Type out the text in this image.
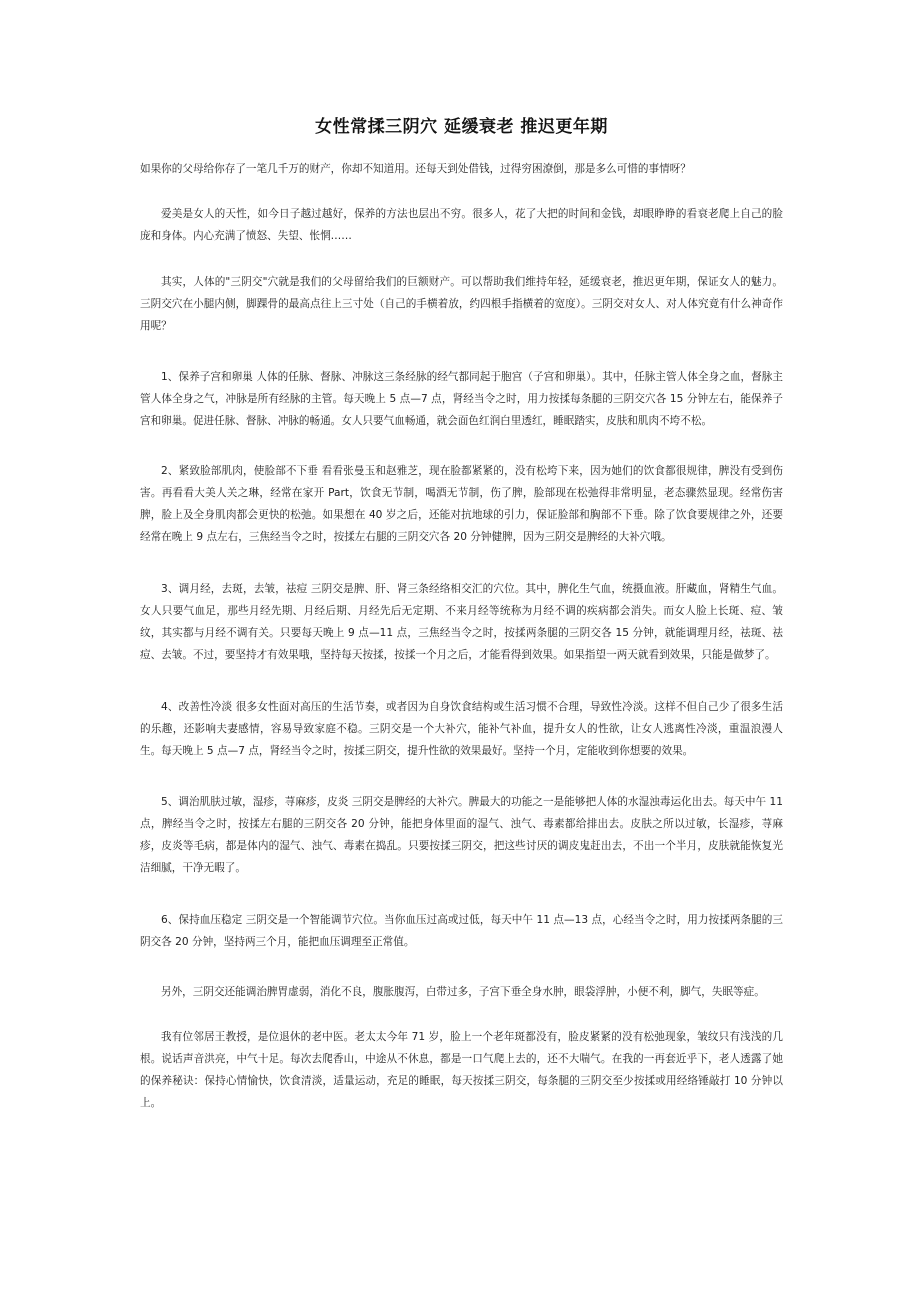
女性常揉三阴穴 延缓衰老 推迟更年期

如果你的父母给你存了一笔几千万的财产，你却不知道用。还每天到处借钱，过得穷困潦倒，那是多么可惜的事情呀？

爱美是女人的天性，如今日子越过越好，保养的方法也层出不穷。很多人，花了大把的时间和金钱，却眼睁睁的看衰老爬上自己的脸庞和身体。内心充满了愤怒、失望、怅惘……

其实，人体的"三阴交"穴就是我们的父母留给我们的巨额财产。可以帮助我们维持年轻，延缓衰老，推迟更年期，保证女人的魅力。三阴交穴在小腿内侧，脚踝骨的最高点往上三寸处（自己的手横着放，约四根手指横着的宽度）。三阴交对女人、对人体究竟有什么神奇作用呢？

1、保养子宫和卵巢 人体的任脉、督脉、冲脉这三条经脉的经气都同起于胞宫（子宫和卵巢）。其中，任脉主管人体全身之血，督脉主管人体全身之气，冲脉是所有经脉的主管。每天晚上 5 点—7 点，肾经当令之时，用力按揉每条腿的三阴交穴各 15 分钟左右，能保养子宫和卵巢。促进任脉、督脉、冲脉的畅通。女人只要气血畅通，就会面色红润白里透红，睡眠踏实，皮肤和肌肉不垮不松。

2、紧致脸部肌肉，使脸部不下垂 看看张曼玉和赵雅芝，现在脸都紧紧的，没有松垮下来，因为她们的饮食都很规律，脾没有受到伤害。再看看大美人关之琳，经常在家开 Part，饮食无节制，喝酒无节制，伤了脾，脸部现在松弛得非常明显，老态骤然显现。经常伤害脾，脸上及全身肌肉都会更快的松弛。如果想在 40 岁之后，还能对抗地球的引力，保证脸部和胸部不下垂。除了饮食要规律之外，还要经常在晚上 9 点左右，三焦经当令之时，按揉左右腿的三阴交穴各 20 分钟健脾，因为三阴交是脾经的大补穴哦。

3、调月经，去斑，去皱，祛痘 三阴交是脾、肝、肾三条经络相交汇的穴位。其中，脾化生气血，统摄血液。肝藏血，肾精生气血。女人只要气血足，那些月经先期、月经后期、月经先后无定期、不来月经等统称为月经不调的疾病都会消失。而女人脸上长斑、痘、皱纹，其实都与月经不调有关。只要每天晚上 9 点—11 点，三焦经当令之时，按揉两条腿的三阴交各 15 分钟，就能调理月经，祛斑、祛痘、去皱。不过，要坚持才有效果哦，坚持每天按揉，按揉一个月之后，才能看得到效果。如果指望一两天就看到效果，只能是做梦了。

4、改善性冷淡 很多女性面对高压的生活节奏，或者因为自身饮食结构或生活习惯不合理，导致性冷淡。这样不但自己少了很多生活的乐趣，还影响夫妻感情，容易导致家庭不稳。三阴交是一个大补穴，能补气补血，提升女人的性欲，让女人逃离性冷淡，重温浪漫人生。每天晚上 5 点—7 点，肾经当令之时，按揉三阴交，提升性欲的效果最好。坚持一个月，定能收到你想要的效果。

5、调治肌肤过敏，湿疹，荨麻疹，皮炎 三阴交是脾经的大补穴。脾最大的功能之一是能够把人体的水湿浊毒运化出去。每天中午 11 点，脾经当令之时，按揉左右腿的三阴交各 20 分钟，能把身体里面的湿气、浊气、毒素都给排出去。皮肤之所以过敏，长湿疹，荨麻疹，皮炎等毛病，都是体内的湿气、浊气、毒素在捣乱。只要按揉三阴交，把这些讨厌的调皮鬼赶出去，不出一个半月，皮肤就能恢复光洁细腻，干净无暇了。

6、保持血压稳定 三阴交是一个智能调节穴位。当你血压过高或过低，每天中午 11 点—13 点，心经当令之时，用力按揉两条腿的三阴交各 20 分钟，坚持两三个月，能把血压调理至正常值。

另外，三阴交还能调治脾胃虚弱，消化不良，腹胀腹泻，白带过多，子宫下垂全身水肿，眼袋浮肿，小便不利，脚气，失眠等症。

我有位邻居王教授，是位退休的老中医。老太太今年 71 岁，脸上一个老年斑都没有，脸皮紧紧的没有松弛现象，皱纹只有浅浅的几根。说话声音洪亮，中气十足。每次去爬香山，中途从不休息，都是一口气爬上去的，还不大喘气。在我的一再套近乎下，老人透露了她的保养秘诀：保持心情愉快，饮食清淡，适量运动，充足的睡眠，每天按揉三阴交，每条腿的三阴交至少按揉或用经络锤敲打 10 分钟以上。
